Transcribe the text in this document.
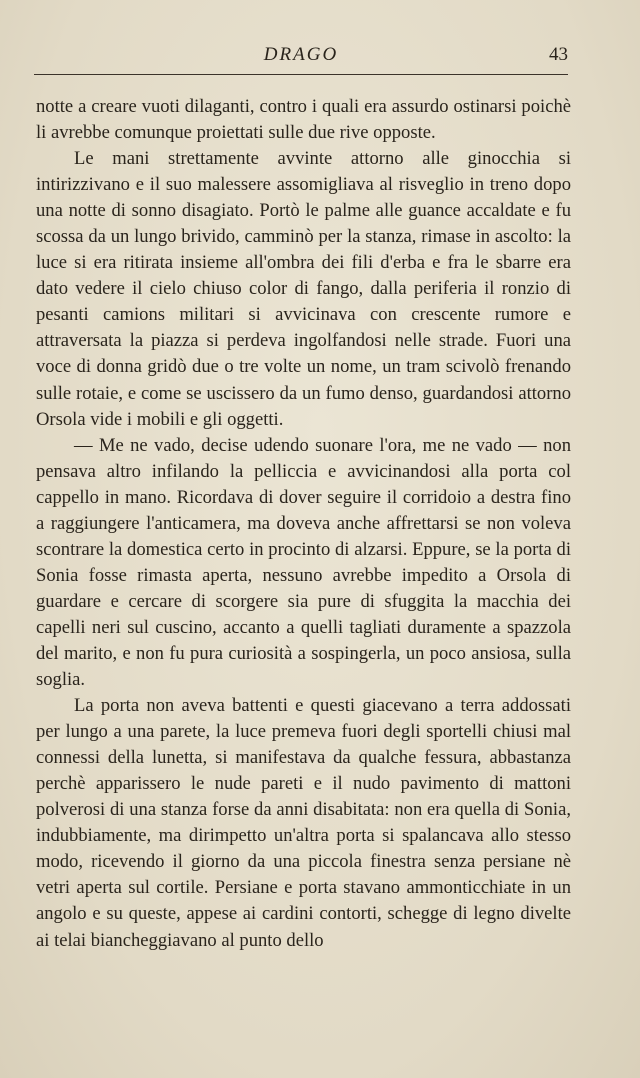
DRAGO	43

notte a creare vuoti dilaganti, contro i quali era assurdo ostinarsi poichè li avrebbe comunque proiettati sulle due rive opposte.

Le mani strettamente avvinte attorno alle ginocchia si intirizzivano e il suo malessere assomigliava al risveglio in treno dopo una notte di sonno disagiato. Portò le palme alle guance accaldate e fu scossa da un lungo brivido, camminò per la stanza, rimase in ascolto: la luce si era ritirata insieme all'ombra dei fili d'erba e fra le sbarre era dato vedere il cielo chiuso color di fango, dalla periferia il ronzio di pesanti camions militari si avvicinava con crescente rumore e attraversata la piazza si perdeva ingolfandosi nelle strade. Fuori una voce di donna gridò due o tre volte un nome, un tram scivolò frenando sulle rotaie, e come se uscissero da un fumo denso, guardandosi attorno Orsola vide i mobili e gli oggetti.

— Me ne vado, decise udendo suonare l'ora, me ne vado — non pensava altro infilando la pelliccia e avvicinandosi alla porta col cappello in mano. Ricordava di dover seguire il corridoio a destra fino a raggiungere l'anticamera, ma doveva anche affrettarsi se non voleva scontrare la domestica certo in procinto di alzarsi. Eppure, se la porta di Sonia fosse rimasta aperta, nessuno avrebbe impedito a Orsola di guardare e cercare di scorgere sia pure di sfuggita la macchia dei capelli neri sul cuscino, accanto a quelli tagliati duramente a spazzola del marito, e non fu pura curiosità a sospingerla, un poco ansiosa, sulla soglia.

La porta non aveva battenti e questi giacevano a terra addossati per lungo a una parete, la luce premeva fuori degli sportelli chiusi mal connessi della lunetta, si manifestava da qualche fessura, abbastanza perchè apparissero le nude pareti e il nudo pavimento di mattoni polverosi di una stanza forse da anni disabitata: non era quella di Sonia, indubbiamente, ma dirimpetto un'altra porta si spalancava allo stesso modo, ricevendo il giorno da una piccola finestra senza persiane nè vetri aperta sul cortile. Persiane e porta stavano ammonticchiate in un angolo e su queste, appese ai cardini contorti, schegge di legno divelte ai telai biancheggiavano al punto dello
